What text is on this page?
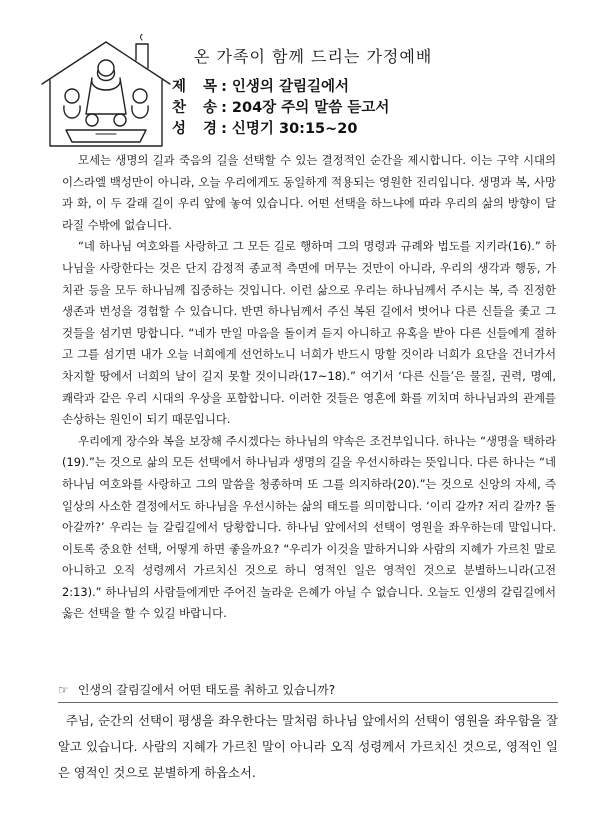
온 가족이 함께 드리는 가정예배
제 목 : 인생의 갈림길에서
찬 송 : 204장 주의 말씀 듣고서
성 경 : 신명기 30:15~20

모세는 생명의 길과 죽음의 길을 선택할 수 있는 결정적인 순간을 제시합니다. 이는 구약 시대의 이스라엘 백성만이 아니라, 오늘 우리에게도 동일하게 적용되는 영원한 진리입니다. 생명과 복, 사망과 화, 이 두 갈래 길이 우리 앞에 놓여 있습니다. 어떤 선택을 하느냐에 따라 우리의 삶의 방향이 달라질 수밖에 없습니다.

“네 하나님 여호와를 사랑하고 그 모든 길로 행하며 그의 명령과 규례와 법도를 지키라(16).” 하나님을 사랑한다는 것은 단지 감정적 종교적 측면에 머무는 것만이 아니라, 우리의 생각과 행동, 가치관 등을 모두 하나님께 집중하는 것입니다. 이런 삶으로 우리는 하나님께서 주시는 복, 즉 진정한 생존과 번성을 경험할 수 있습니다. 반면 하나님께서 주신 복된 길에서 벗어나 다른 신들을 좇고 그것들을 섬기면 망합니다. “네가 만일 마음을 돌이켜 듣지 아니하고 유혹을 받아 다른 신들에게 절하고 그를 섬기면 내가 오늘 너희에게 선언하노니 너희가 반드시 망할 것이라 너희가 요단을 건너가서 차지할 땅에서 너희의 날이 길지 못할 것이니라(17~18).” 여기서 ‘다른 신들’은 물질, 권력, 명예, 쾌락과 같은 우리 시대의 우상을 포함합니다. 이러한 것들은 영혼에 화를 끼치며 하나님과의 관계를 손상하는 원인이 되기 때문입니다.

우리에게 장수와 복을 보장해 주시겠다는 하나님의 약속은 조건부입니다. 하나는 “생명을 택하라(19).”는 것으로 삶의 모든 선택에서 하나님과 생명의 길을 우선시하라는 뜻입니다. 다른 하나는 “네 하나님 여호와를 사랑하고 그의 말씀을 청종하며 또 그를 의지하라(20).”는 것으로 신앙의 자세, 즉 일상의 사소한 결정에서도 하나님을 우선시하는 삶의 태도를 의미합니다. ‘이리 갈까? 저리 갈까? 돌아갈까?’ 우리는 늘 갈림길에서 당황합니다. 하나님 앞에서의 선택이 영원을 좌우하는데 말입니다. 이토록 중요한 선택, 어떻게 하면 좋을까요? “우리가 이것을 말하거니와 사람의 지혜가 가르친 말로 아니하고 오직 성령께서 가르치신 것으로 하니 영적인 일은 영적인 것으로 분별하느니라(고전 2:13).” 하나님의 사람들에게만 주어진 놀라운 은혜가 아닐 수 없습니다. 오늘도 인생의 갈림길에서 옳은 선택을 할 수 있길 바랍니다.

☞ 인생의 갈림길에서 어떤 태도를 취하고 있습니까?

주님, 순간의 선택이 평생을 좌우한다는 말처럼 하나님 앞에서의 선택이 영원을 좌우함을 잘 알고 있습니다. 사람의 지혜가 가르친 말이 아니라 오직 성령께서 가르치신 것으로, 영적인 일은 영적인 것으로 분별하게 하옵소서.
